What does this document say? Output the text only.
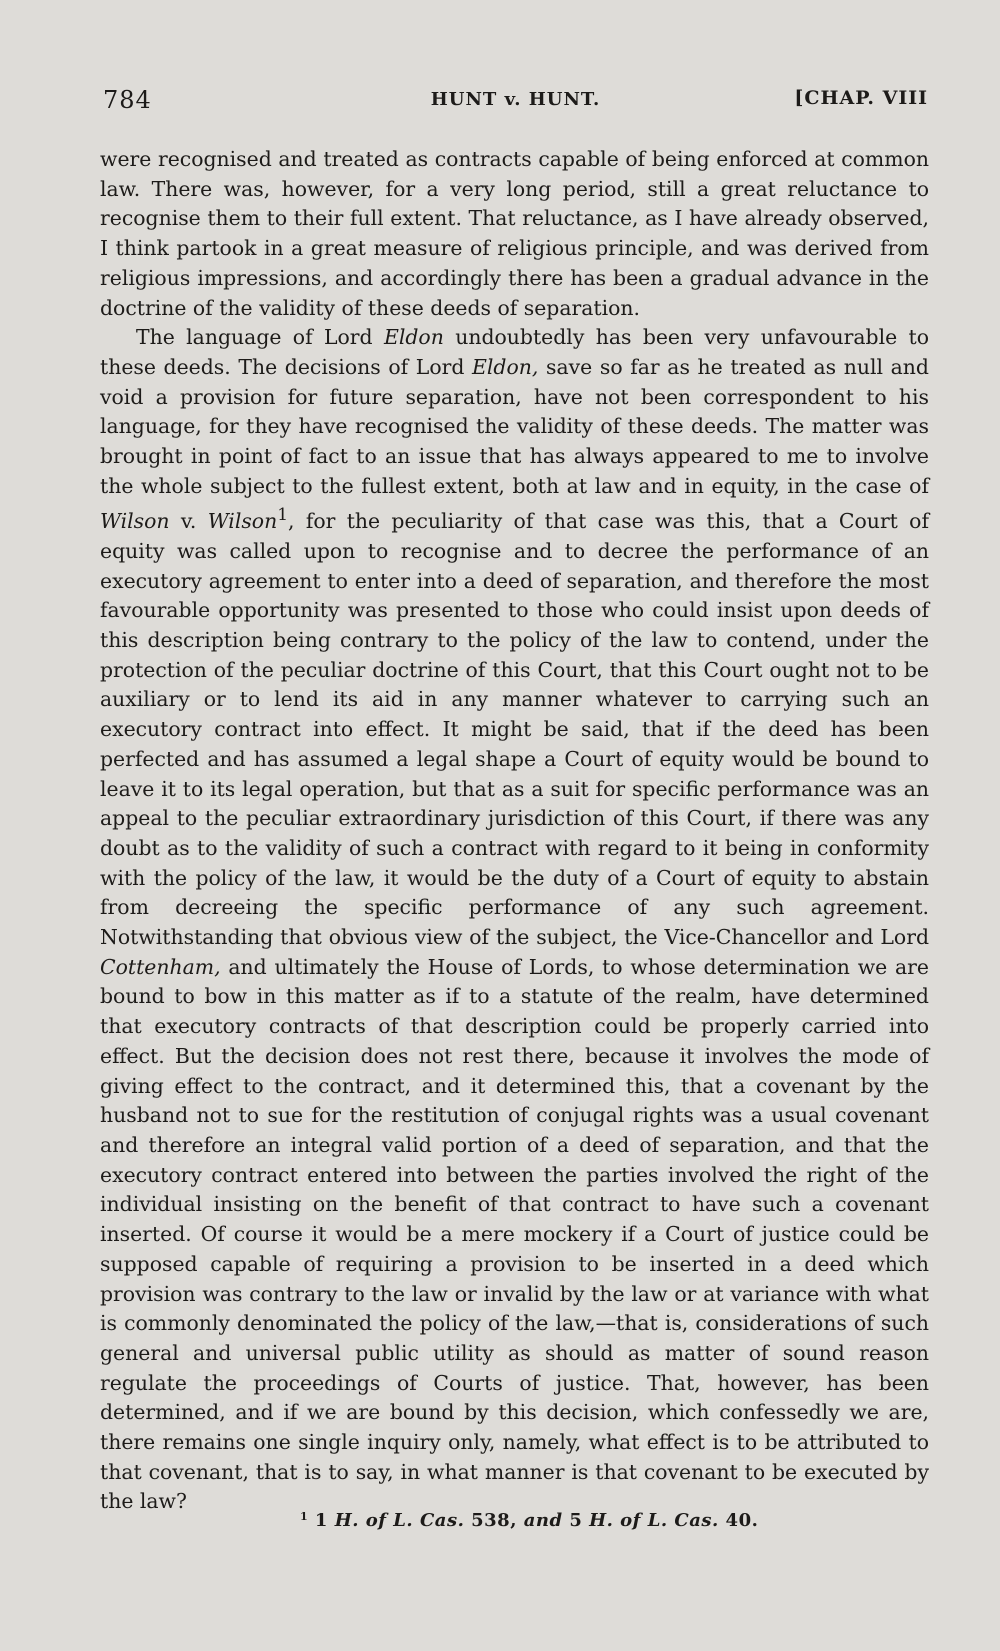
784	HUNT v. HUNT.	[CHAP. VIII

were recognised and treated as contracts capable of being enforced at common law. There was, however, for a very long period, still a great reluctance to recognise them to their full extent. That reluctance, as I have already observed, I think partook in a great measure of religious principle, and was derived from religious impressions, and accordingly there has been a gradual advance in the doctrine of the validity of these deeds of separation.

The language of Lord Eldon undoubtedly has been very unfavourable to these deeds. The decisions of Lord Eldon, save so far as he treated as null and void a provision for future separation, have not been correspondent to his language, for they have recognised the validity of these deeds. The matter was brought in point of fact to an issue that has always appeared to me to involve the whole subject to the fullest extent, both at law and in equity, in the case of Wilson v. Wilson$^1$, for the peculiarity of that case was this, that a Court of equity was called upon to recognise and to decree the performance of an executory agreement to enter into a deed of separation, and therefore the most favourable opportunity was presented to those who could insist upon deeds of this description being contrary to the policy of the law to contend, under the protection of the peculiar doctrine of this Court, that this Court ought not to be auxiliary or to lend its aid in any manner whatever to carrying such an executory contract into effect. It might be said, that if the deed has been perfected and has assumed a legal shape a Court of equity would be bound to leave it to its legal operation, but that as a suit for specific performance was an appeal to the peculiar extraordinary jurisdiction of this Court, if there was any doubt as to the validity of such a contract with regard to it being in conformity with the policy of the law, it would be the duty of a Court of equity to abstain from decreeing the specific performance of any such agreement. Notwithstanding that obvious view of the subject, the Vice-Chancellor and Lord Cottenham, and ultimately the House of Lords, to whose determination we are bound to bow in this matter as if to a statute of the realm, have determined that executory contracts of that description could be properly carried into effect. But the decision does not rest there, because it involves the mode of giving effect to the contract, and it determined this, that a covenant by the husband not to sue for the restitution of conjugal rights was a usual covenant and therefore an integral valid portion of a deed of separation, and that the executory contract entered into between the parties involved the right of the individual insisting on the benefit of that contract to have such a covenant inserted. Of course it would be a mere mockery if a Court of justice could be supposed capable of requiring a provision to be inserted in a deed which provision was contrary to the law or invalid by the law or at variance with what is commonly denominated the policy of the law,—that is, considerations of such general and universal public utility as should as matter of sound reason regulate the proceedings of Courts of justice. That, however, has been determined, and if we are bound by this decision, which confessedly we are, there remains one single inquiry only, namely, what effect is to be attributed to that covenant, that is to say, in what manner is that covenant to be executed by the law?

$^1$ 1 H. of L. Cas. 538, and 5 H. of L. Cas. 40.
